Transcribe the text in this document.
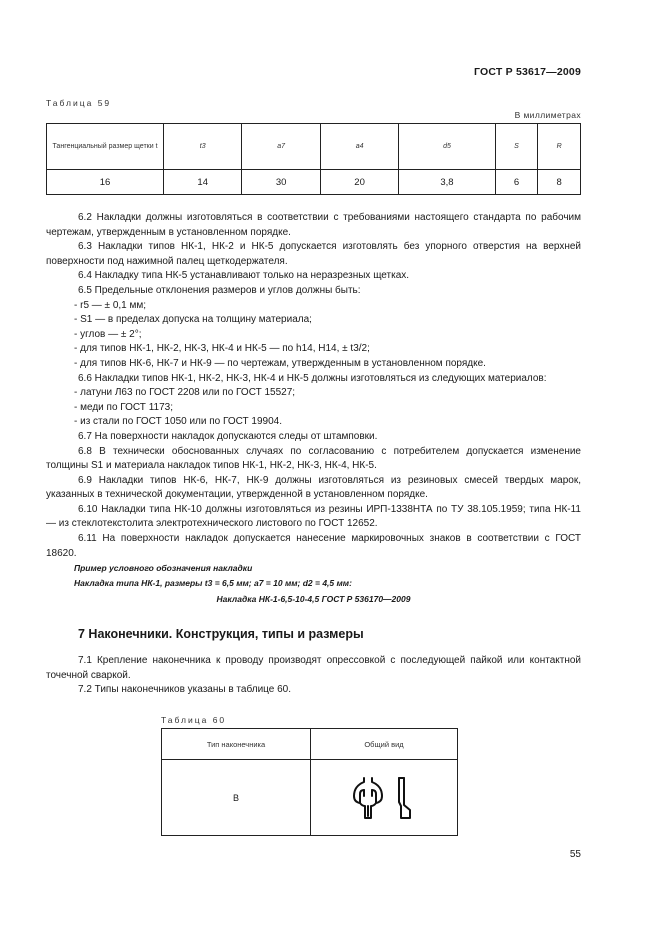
ГОСТ Р 53617—2009
Таблица 59
В миллиметрах
Тангенциальный размер щетки t	t3	a7	a4	d5	S	R
16	14	30	20	3,8	6	8

6.2 Накладки должны изготовляться в соответствии с требованиями настоящего стандарта по рабочим чертежам, утвержденным в установленном порядке.

6.3 Накладки типов НК-1, НК-2 и НК-5 допускается изготовлять без упорного отверстия на верхней поверхности под нажимной палец щеткодержателя.

6.4 Накладку типа НК-5 устанавливают только на неразрезных щетках.

6.5 Предельные отклонения размеров и углов должны быть:

- r5 — ± 0,1 мм;

- S1 — в пределах допуска на толщину материала;

- углов — ± 2°;

- для типов НК-1, НК-2, НК-3, НК-4 и НК-5 — по h14, H14, ± t3/2;

- для типов НК-6, НК-7 и НК-9 — по чертежам, утвержденным в установленном порядке.

6.6 Накладки типов НК-1, НК-2, НК-3, НК-4 и НК-5 должны изготовляться из следующих материалов:

- латуни Л63 по ГОСТ 2208 или по ГОСТ 15527;

- меди по ГОСТ 1173;

- из стали по ГОСТ 1050 или по ГОСТ 19904.

6.7 На поверхности накладок допускаются следы от штамповки.

6.8 В технически обоснованных случаях по согласованию с потребителем допускается изменение толщины S1 и материала накладок типов НК-1, НК-2, НК-3, НК-4, НК-5.

6.9 Накладки типов НК-6, НК-7, НК-9 должны изготовляться из резиновых смесей твердых марок, указанных в технической документации, утвержденной в установленном порядке.

6.10 Накладки типа НК-10 должны изготовляться из резины ИРП-1338НТА по ТУ 38.105.1959; типа НК-11 — из стеклотекстолита электротехнического листового по ГОСТ 12652.

6.11 На поверхности накладок допускается нанесение маркировочных знаков в соответствии с ГОСТ 18620.

Пример условного обозначения накладки

Накладка типа НК-1, размеры t3 = 6,5 мм; a7 = 10 мм; d2 = 4,5 мм:

Накладка НК-1-6,5-10-4,5 ГОСТ Р 536170—2009

7 Наконечники. Конструкция, типы и размеры

7.1 Крепление наконечника к проводу производят опрессовкой с последующей пайкой или контактной точечной сваркой.

7.2 Типы наконечников указаны в таблице 60.

Таблица 60
Тип наконечника	Общий вид
В	
55
